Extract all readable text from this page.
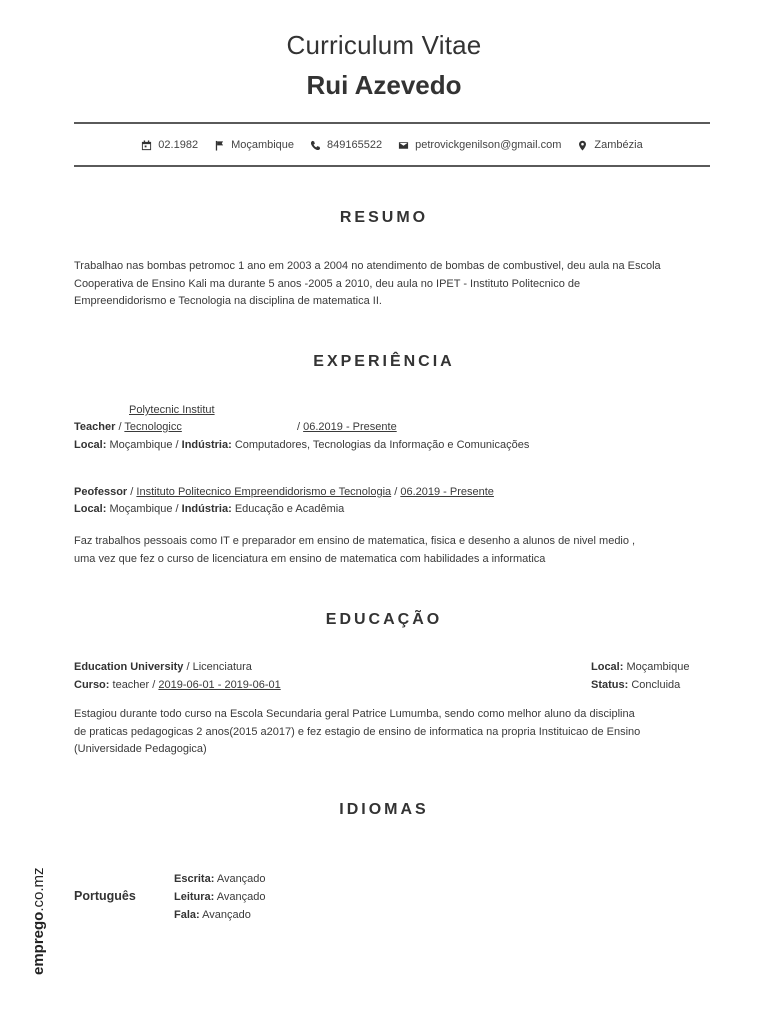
Curriculum Vitae
Rui Azevedo
02.1982	Moçambique	849165522	petrovickgenilson@gmail.com	Zambézia
RESUMO
Trabalhao nas bombas petromoc 1 ano em 2003 a 2004 no atendimento de bombas de combustivel, deu aula na Escola
Cooperativa de Ensino Kali ma durante 5 anos -2005 a 2010, deu aula no IPET - Instituto Politecnico de
Empreendidorismo e Tecnologia na disciplina de matematica II.
EXPERIÊNCIA
Polytecnic Institut
Teacher / Tecnologicc	/ 06.2019 - Presente
Local: Moçambique / Indústria: Computadores, Tecnologias da Informação e Comunicações
Peofessor / Instituto Politecnico Empreendidorismo e Tecnologia / 06.2019 - Presente
Local: Moçambique / Indústria: Educação e Acadêmia
Faz trabalhos pessoais como IT e preparador em ensino de matematica, fisica e desenho a alunos de nivel medio ,
uma vez que fez o curso de licenciatura em ensino de matematica com habilidades a informatica
EDUCAÇÃO
Education University / Licenciatura
Curso: teacher / 2019-06-01 - 2019-06-01
Local: Moçambique
Status: Concluida
Estagiou durante todo curso na Escola Secundaria geral Patrice Lumumba, sendo como melhor aluno da disciplina
de praticas pedagogicas 2 anos(2015 a2017) e fez estagio de ensino de informatica na propria Instituicao de Ensino
(Universidade Pedagogica)
IDIOMAS
Português
Escrita: Avançado
Leitura: Avançado
Fala: Avançado
emprego.co.mz
